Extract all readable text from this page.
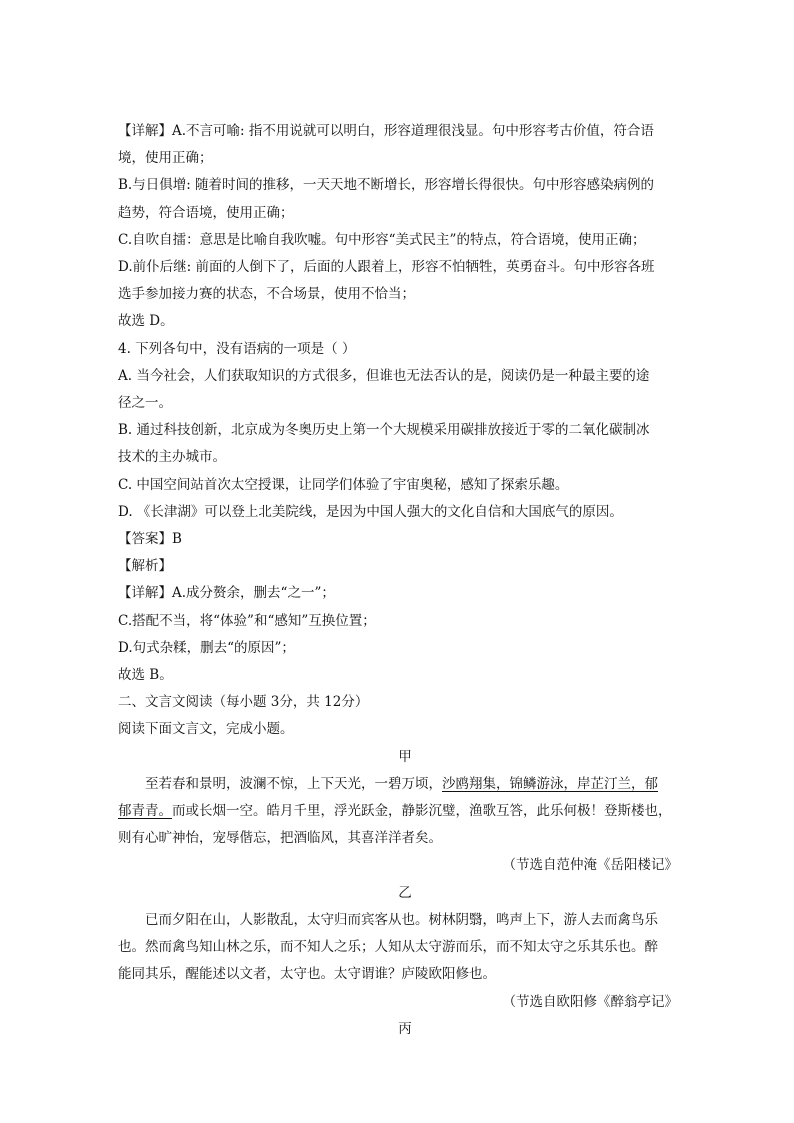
【详解】A.不言可喻: 指不用说就可以明白，形容道理很浅显。句中形容考古价值，符合语
境，使用正确；
B.与日俱增: 随着时间的推移，一天天地不断增长，形容增长得很快。句中形容感染病例的
趋势，符合语境，使用正确；
C.自吹自擂：意思是比喻自我吹嘘。句中形容“美式民主”的特点，符合语境，使用正确；
D.前仆后继: 前面的人倒下了，后面的人跟着上，形容不怕牺牲，英勇奋斗。句中形容各班
选手参加接力赛的状态，不合场景，使用不恰当；
故选 D。
4. 下列各句中，没有语病的一项是（ ）
A. 当今社会，人们获取知识的方式很多，但谁也无法否认的是，阅读仍是一种最主要的途
径之一。
B. 通过科技创新，北京成为冬奥历史上第一个大规模采用碳排放接近于零的二氧化碳制冰
技术的主办城市。
C. 中国空间站首次太空授课，让同学们体验了宇宙奥秘，感知了探索乐趣。
D. 《长津湖》可以登上北美院线，是因为中国人强大的文化自信和大国底气的原因。
【答案】B
【解析】
【详解】A.成分赘余，删去“之一”；
C.搭配不当，将“体验”和“感知”互换位置；
D.句式杂糅，删去“的原因”；
故选 B。
二、文言文阅读（每小题 3分，共 12分）
阅读下面文言文，完成小题。
甲
至若春和景明，波澜不惊，上下天光，一碧万顷，沙鸥翔集，锦鳞游泳，岸芷汀兰，郁
郁青青。而或长烟一空。皓月千里，浮光跃金，静影沉璧，渔歌互答，此乐何极！登斯楼也，
则有心旷神怡，宠辱偕忘，把酒临风，其喜洋洋者矣。
（节选自范仲淹《岳阳楼记》
乙
已而夕阳在山，人影散乱，太守归而宾客从也。树林阴翳，鸣声上下，游人去而禽鸟乐
也。然而禽鸟知山林之乐，而不知人之乐；人知从太守游而乐，而不知太守之乐其乐也。醉
能同其乐，醒能述以文者，太守也。太守谓谁？庐陵欧阳修也。
（节选自欧阳修《醉翁亭记》
丙
